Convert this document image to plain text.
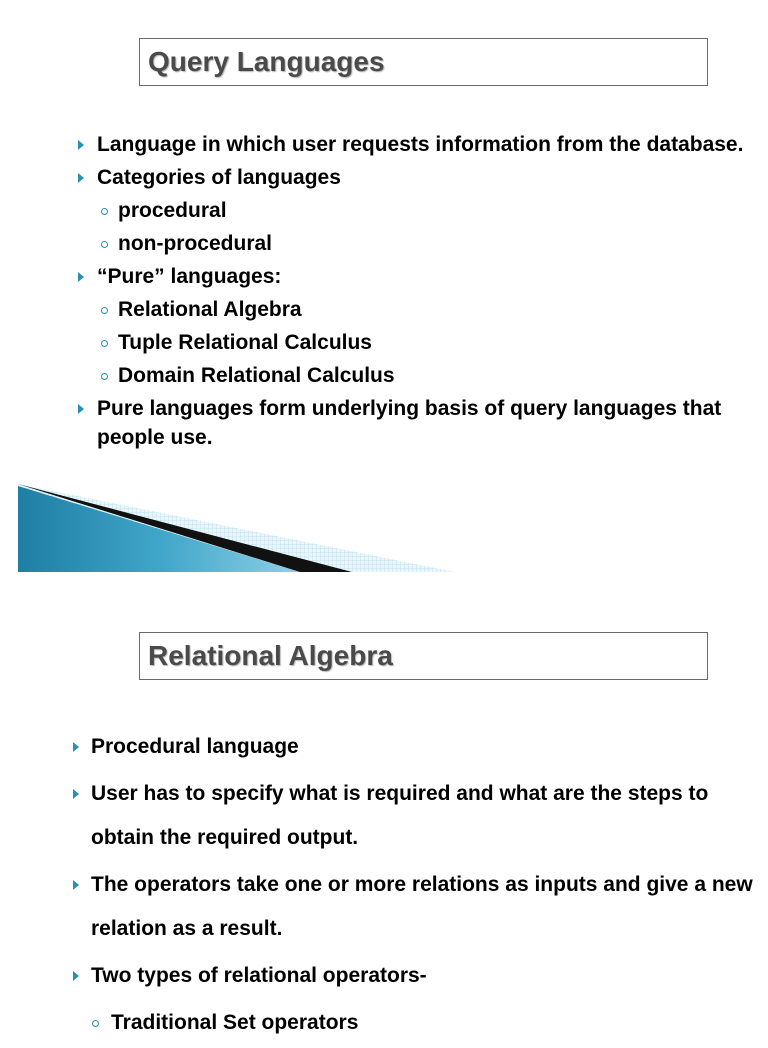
Query Languages
Language in which user requests information from the database.
Categories of languages
procedural
non-procedural
“Pure” languages:
Relational Algebra
Tuple Relational Calculus
Domain Relational Calculus
Pure languages form underlying basis of query languages that people use.
Relational Algebra
Procedural language
User has to specify what is required and what are the steps to obtain the required output.
The operators take one or more relations as inputs and give a new relation as a result.
Two types of relational operators-
Traditional Set operators
